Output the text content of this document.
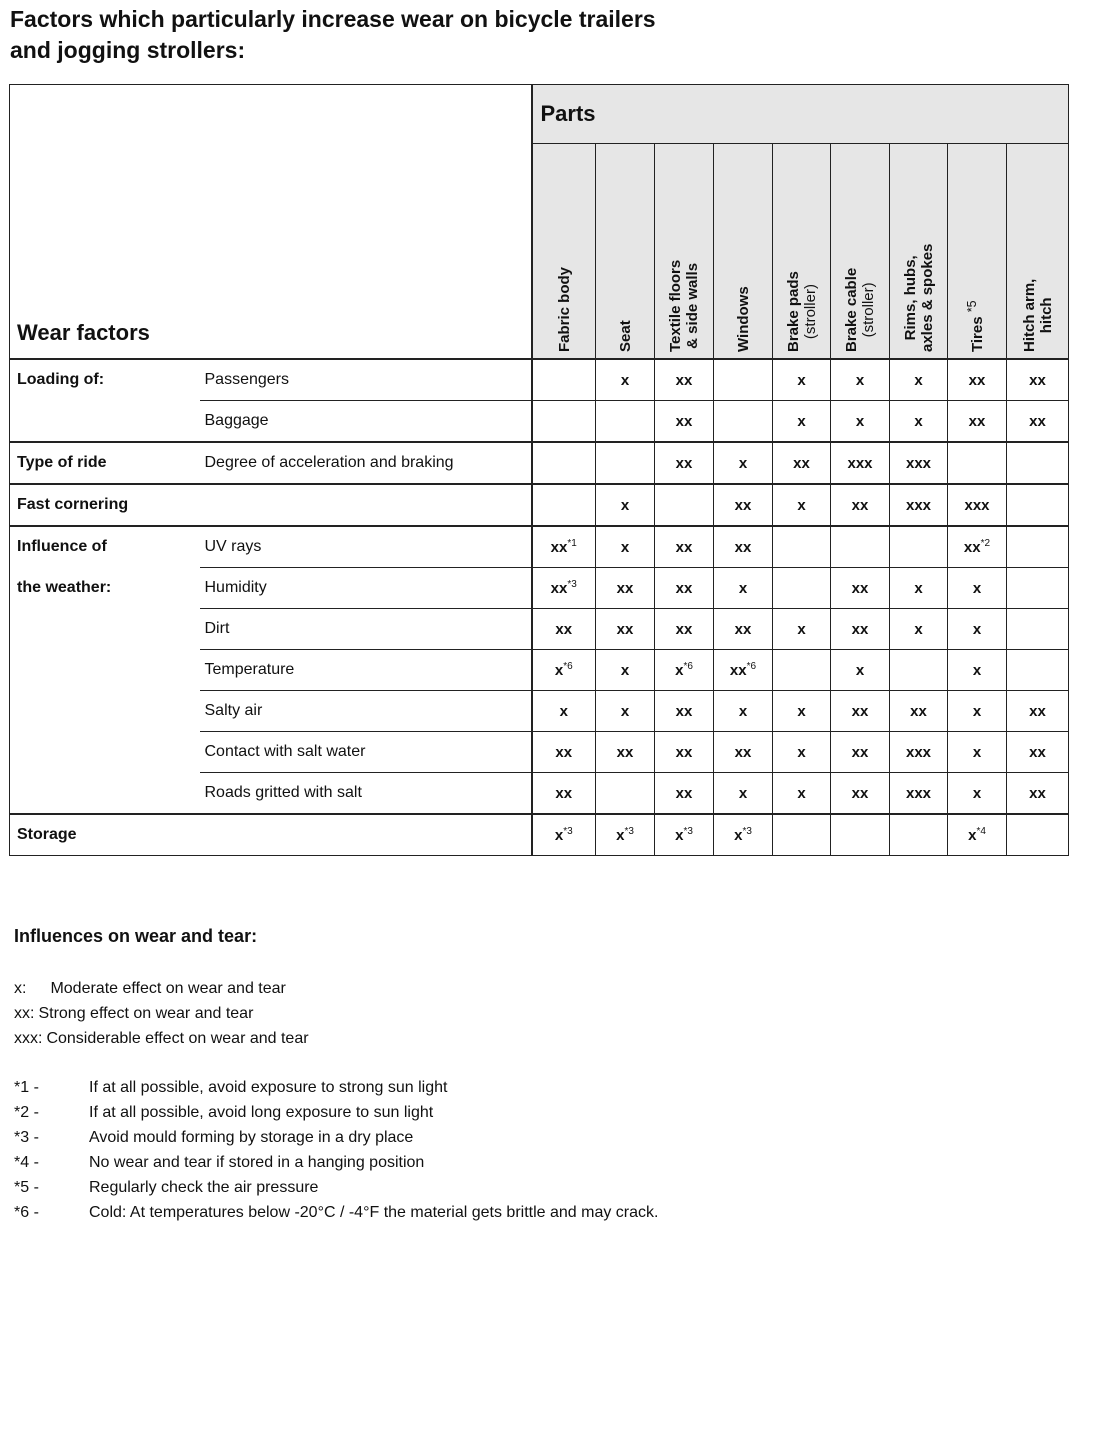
Factors which particularly increase wear on bicycle trailers
and jogging strollers:
Wear factors		Parts								

		Fabric body	Seat	Textile floors & side walls	Windows	Brake pads (stroller)	Brake cable (stroller)	Rims, hubs, axles & spokes	Tires $^{*5}$	Hitch arm, hitch

Loading of:	Passengers		x	xx		x	x	x	xx	xx
	Baggage			xx		x	x	x	xx	xx
Type of ride	Degree of acceleration and braking			xx	x	xx	xxx	xxx		
Fast cornering			x		xx	x	xx	xxx	xxx	
Influence of	UV rays	$xx^{*1}$	x	xx	xx				$xx^{*2}$	
the weather:	Humidity	$xx^{*3}$	xx	xx	x		xx	x	x	
	Dirt	xx	xx	xx	xx	x	xx	x	x	
	Temperature	$x^{*6}$	x	$x^{*6}$	$xx^{*6}$		x		x	
	Salty air	x	x	xx	x	x	xx	xx	x	xx
	Contact with salt water	xx	xx	xx	xx	x	xx	xxx	x	xx
	Roads gritted with salt	xx		xx	x	x	xx	xxx	x	xx
Storage		$x^{*3}$	$x^{*3}$	$x^{*3}$	$x^{*3}$				$x^{*4}$	
Influences on wear and tear:
x: Moderate effect on wear and tear
xx: Strong effect on wear and tear
xxx: Considerable effect on wear and tear
*1 -	If at all possible, avoid exposure to strong sun light
*2 -	If at all possible, avoid long exposure to sun light
*3 -	Avoid mould forming by storage in a dry place
*4 -	No wear and tear if stored in a hanging position
*5 -	Regularly check the air pressure
*6 -	Cold: At temperatures below -20°C / -4°F the material gets brittle and may crack.
